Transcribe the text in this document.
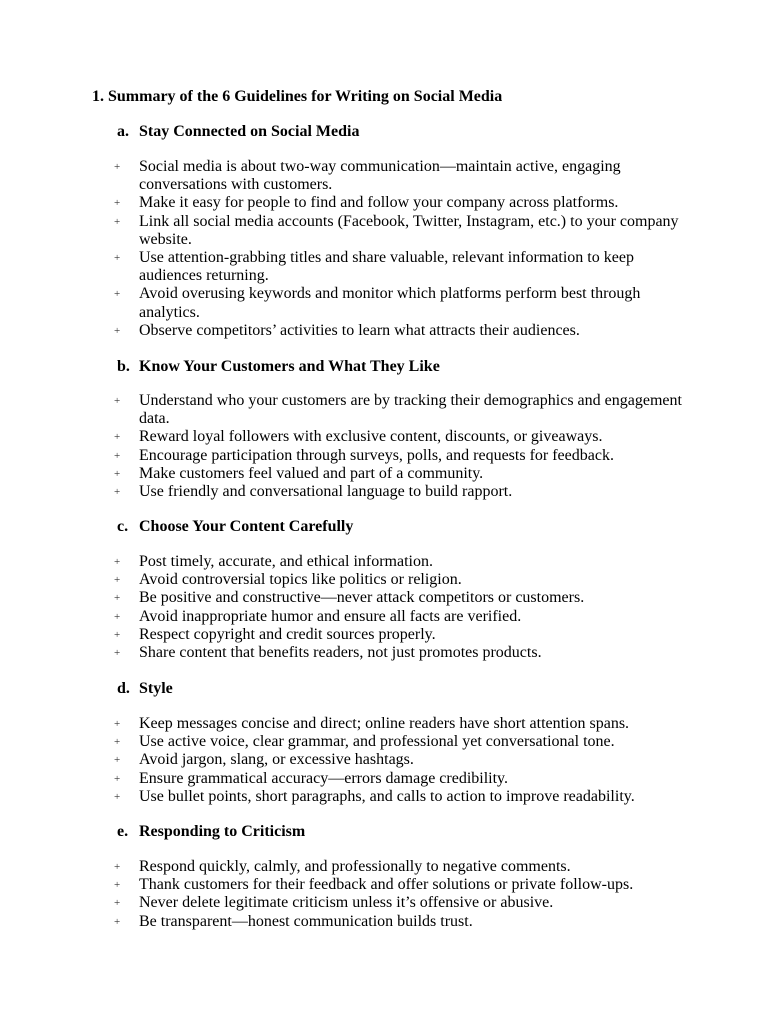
1. Summary of the 6 Guidelines for Writing on Social Media
a. Stay Connected on Social Media
+ Social media is about two-way communication—maintain active, engaging conversations with customers.
+ Make it easy for people to find and follow your company across platforms.
+ Link all social media accounts (Facebook, Twitter, Instagram, etc.) to your company website.
+ Use attention-grabbing titles and share valuable, relevant information to keep audiences returning.
+ Avoid overusing keywords and monitor which platforms perform best through analytics.
+ Observe competitors’ activities to learn what attracts their audiences.
b. Know Your Customers and What They Like
+ Understand who your customers are by tracking their demographics and engagement data.
+ Reward loyal followers with exclusive content, discounts, or giveaways.
+ Encourage participation through surveys, polls, and requests for feedback.
+ Make customers feel valued and part of a community.
+ Use friendly and conversational language to build rapport.
c. Choose Your Content Carefully
+ Post timely, accurate, and ethical information.
+ Avoid controversial topics like politics or religion.
+ Be positive and constructive—never attack competitors or customers.
+ Avoid inappropriate humor and ensure all facts are verified.
+ Respect copyright and credit sources properly.
+ Share content that benefits readers, not just promotes products.
d. Style
+ Keep messages concise and direct; online readers have short attention spans.
+ Use active voice, clear grammar, and professional yet conversational tone.
+ Avoid jargon, slang, or excessive hashtags.
+ Ensure grammatical accuracy—errors damage credibility.
+ Use bullet points, short paragraphs, and calls to action to improve readability.
e. Responding to Criticism
+ Respond quickly, calmly, and professionally to negative comments.
+ Thank customers for their feedback and offer solutions or private follow-ups.
+ Never delete legitimate criticism unless it’s offensive or abusive.
+ Be transparent—honest communication builds trust.
